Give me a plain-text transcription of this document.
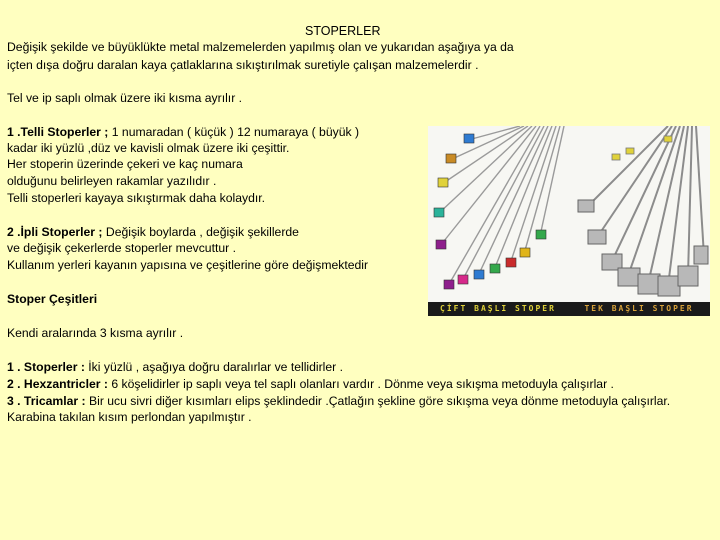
STOPERLER
Değişik şekilde ve büyüklükte metal malzemelerden yapılmış olan ve yukarıdan aşağıya ya da
içten dışa doğru daralan kaya çatlaklarına sıkıştırılmak suretiyle çalışan malzemelerdir .
Tel ve ip saplı olmak üzere iki kısma ayrılır .
1 .Telli Stoperler ; 1 numaradan ( küçük ) 12 numaraya ( büyük )
kadar iki yüzlü ,düz ve kavisli olmak üzere iki çeşittir.
Her stoperin üzerinde çekeri ve kaç numara
olduğunu belirleyen rakamlar yazılıdır .
Telli stoperleri kayaya sıkıştırmak daha kolaydır.
2 .İpli Stoperler ; Değişik boylarda , değişik şekillerde
ve değişik çekerlerde stoperler mevcuttur .
Kullanım yerleri kayanın yapısına ve çeşitlerine göre değişmektedir
Stoper Çeşitleri
Kendi aralarında 3 kısma ayrılır .
1 . Stoperler : İki yüzlü , aşağıya doğru daralırlar ve tellidirler .
2 . Hexzantricler : 6 köşelidirler ip saplı veya tel saplı olanları vardır . Dönme veya sıkışma metoduyla çalışırlar .
3 . Tricamlar : Bir ucu sivri diğer kısımları elips şeklindedir .Çatlağın şekline göre sıkışma veya dönme metoduyla çalışırlar. Karabina takılan kısım perlondan yapılmıştır .
ÇİFT BAŞLI STOPER	TEK BAŞLI STOPER
